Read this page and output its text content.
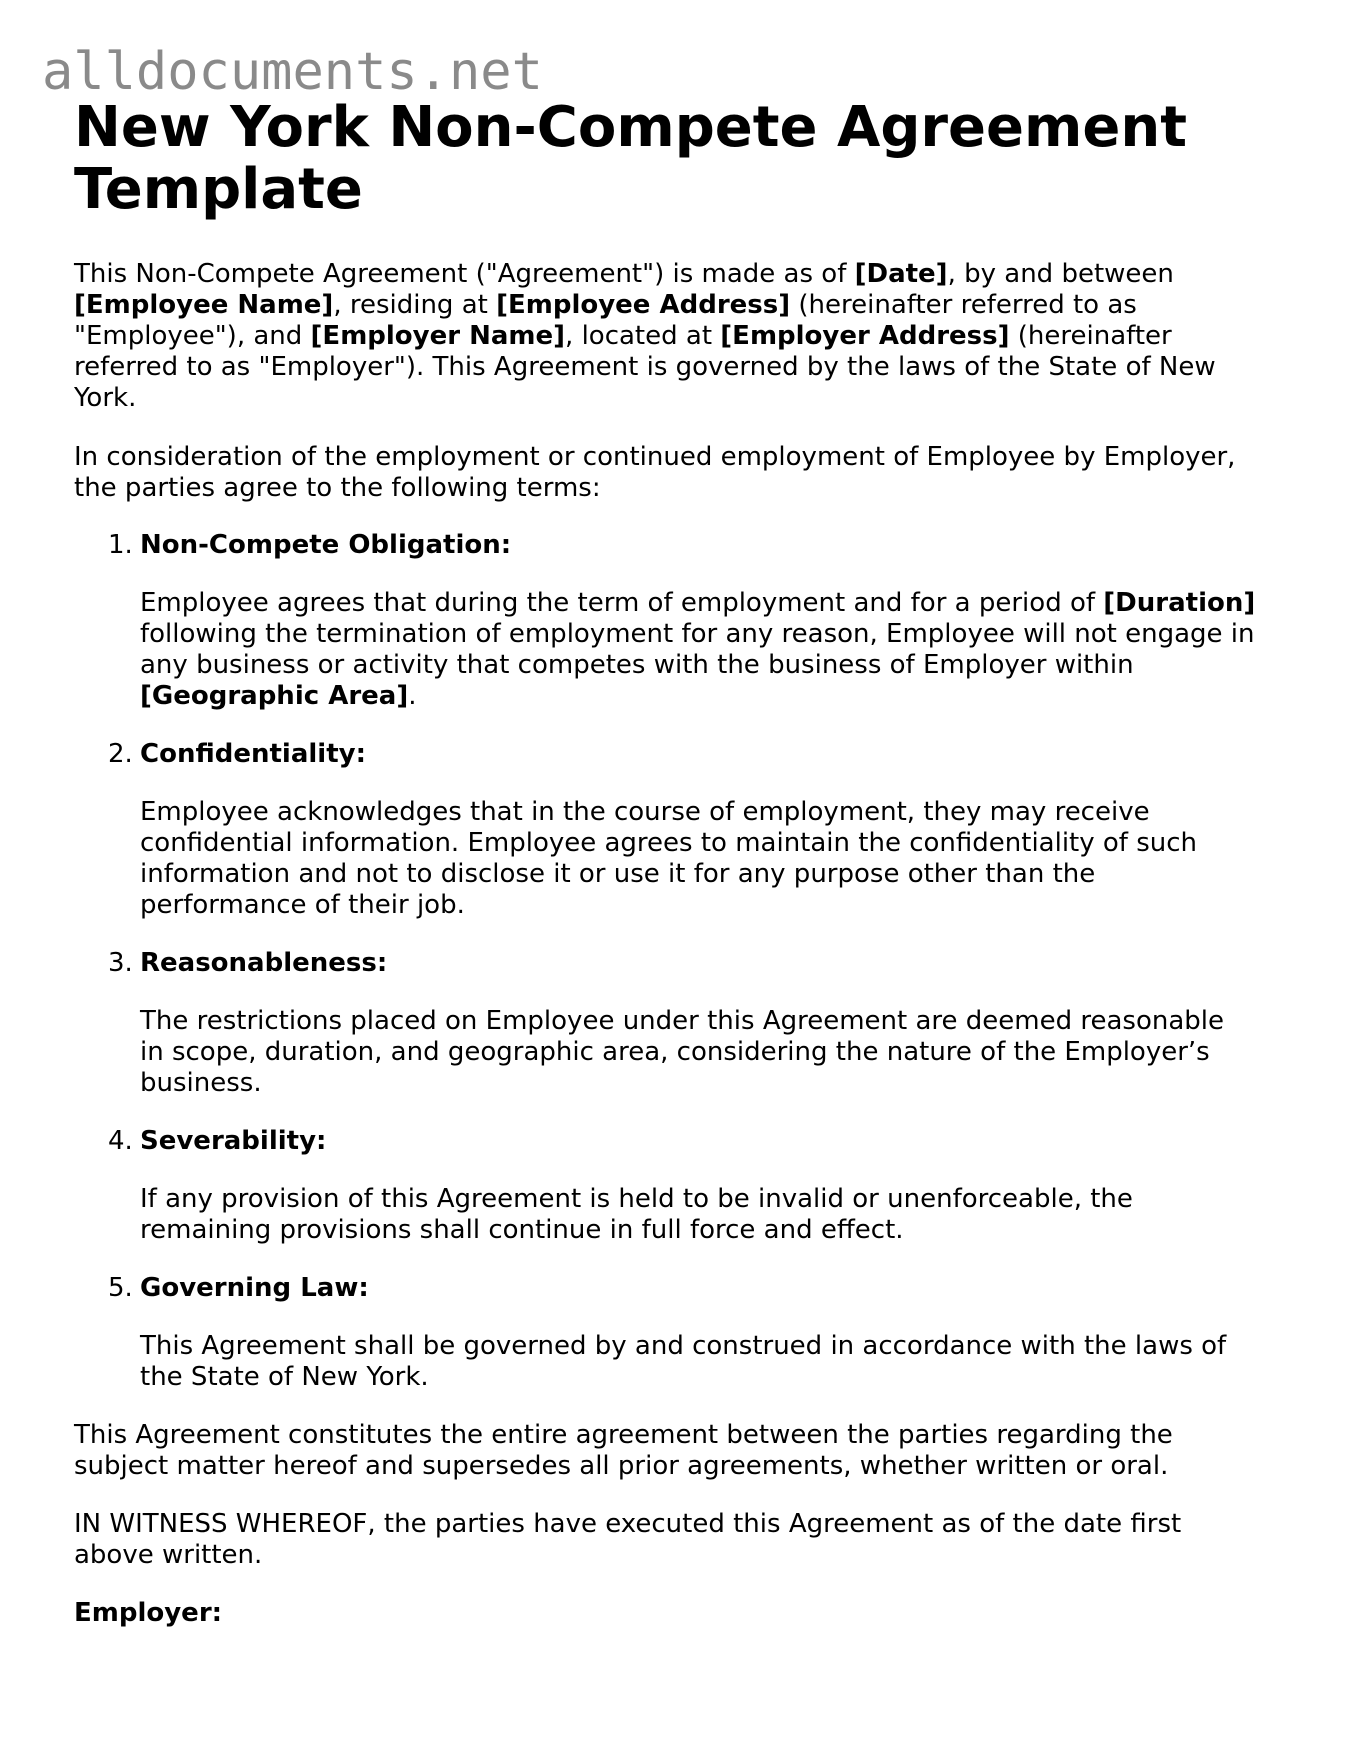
alldocuments.net
New York Non-Compete Agreement
Template
This Non-Compete Agreement ("Agreement") is made as of [Date], by and between
[Employee Name], residing at [Employee Address] (hereinafter referred to as
"Employee"), and [Employer Name], located at [Employer Address] (hereinafter
referred to as "Employer"). This Agreement is governed by the laws of the State of New
York.
In consideration of the employment or continued employment of Employee by Employer,
the parties agree to the following terms:
1. Non-Compete Obligation:
Employee agrees that during the term of employment and for a period of [Duration]
following the termination of employment for any reason, Employee will not engage in
any business or activity that competes with the business of Employer within
[Geographic Area].
2. Confidentiality:
Employee acknowledges that in the course of employment, they may receive
confidential information. Employee agrees to maintain the confidentiality of such
information and not to disclose it or use it for any purpose other than the
performance of their job.
3. Reasonableness:
The restrictions placed on Employee under this Agreement are deemed reasonable
in scope, duration, and geographic area, considering the nature of the Employer’s
business.
4. Severability:
If any provision of this Agreement is held to be invalid or unenforceable, the
remaining provisions shall continue in full force and effect.
5. Governing Law:
This Agreement shall be governed by and construed in accordance with the laws of
the State of New York.
This Agreement constitutes the entire agreement between the parties regarding the
subject matter hereof and supersedes all prior agreements, whether written or oral.
IN WITNESS WHEREOF, the parties have executed this Agreement as of the date first
above written.
Employer:
